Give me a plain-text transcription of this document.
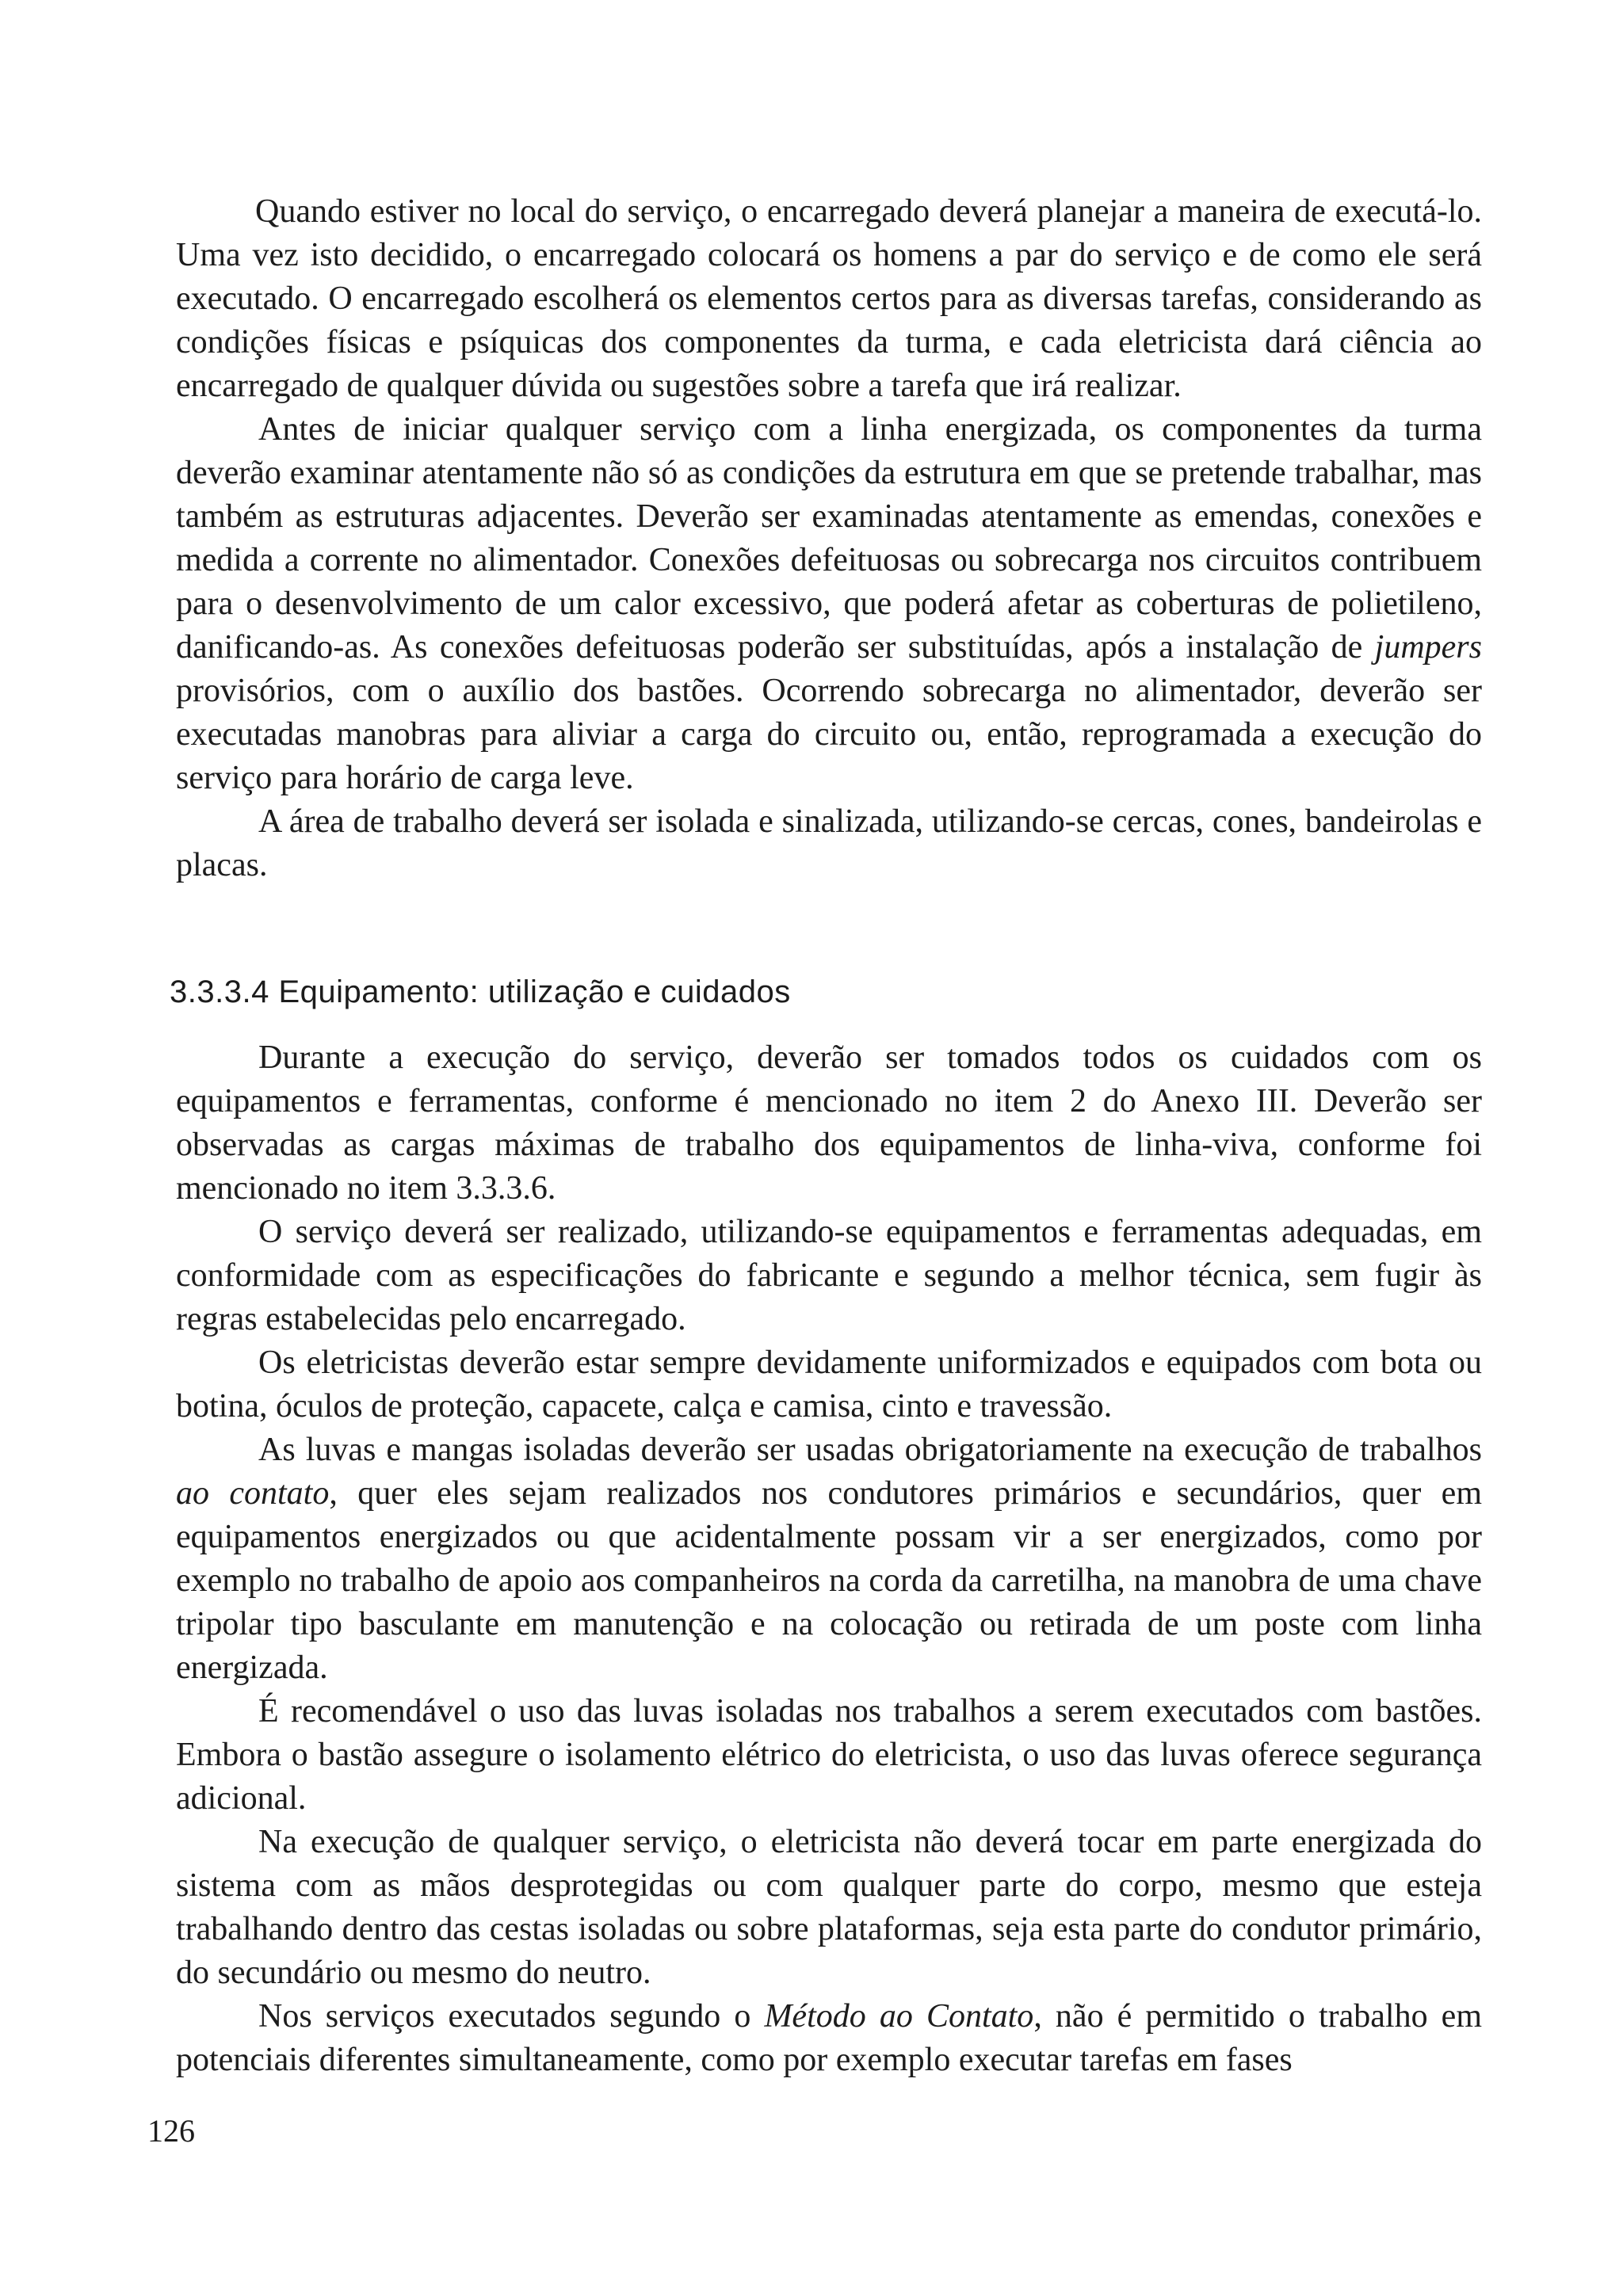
Quando estiver no local do serviço, o encarregado deverá planejar a maneira de executá-lo. Uma vez isto decidido, o encarregado colocará os homens a par do serviço e de como ele será executado. O encarregado escolherá os elementos certos para as diversas tarefas, considerando as condições físicas e psíquicas dos componentes da turma, e cada eletricista dará ciência ao encarregado de qualquer dúvida ou sugestões sobre a tarefa que irá realizar.

Antes de iniciar qualquer serviço com a linha energizada, os componentes da turma deverão examinar atentamente não só as condições da estrutura em que se pretende trabalhar, mas também as estruturas adjacentes. Deverão ser examinadas atentamente as emendas, conexões e medida a corrente no alimentador. Conexões defeituosas ou sobrecarga nos circuitos contribuem para o desenvolvimento de um calor excessivo, que poderá afetar as coberturas de polietileno, danificando-as. As conexões defeituosas poderão ser substituídas, após a instalação de jumpers provisórios, com o auxílio dos bastões. Ocorrendo sobrecarga no alimentador, deverão ser executadas manobras para aliviar a carga do circuito ou, então, reprogramada a execução do serviço para horário de carga leve.

A área de trabalho deverá ser isolada e sinalizada, utilizando-se cercas, cones, bandeirolas e placas.

3.3.3.4 Equipamento: utilização e cuidados

Durante a execução do serviço, deverão ser tomados todos os cuidados com os equipamentos e ferramentas, conforme é mencionado no item 2 do Anexo III. Deverão ser observadas as cargas máximas de trabalho dos equipamentos de linha-viva, conforme foi mencionado no item 3.3.3.6.

O serviço deverá ser realizado, utilizando-se equipamentos e ferramentas adequadas, em conformidade com as especificações do fabricante e segundo a melhor técnica, sem fugir às regras estabelecidas pelo encarregado.

Os eletricistas deverão estar sempre devidamente uniformizados e equipados com bota ou botina, óculos de proteção, capacete, calça e camisa, cinto e travessão.

As luvas e mangas isoladas deverão ser usadas obrigatoriamente na execução de trabalhos ao contato, quer eles sejam realizados nos condutores primários e secundários, quer em equipamentos energizados ou que acidentalmente possam vir a ser energizados, como por exemplo no trabalho de apoio aos companheiros na corda da carretilha, na manobra de uma chave tripolar tipo basculante em manutenção e na colocação ou retirada de um poste com linha energizada.

É recomendável o uso das luvas isoladas nos trabalhos a serem executados com bastões. Embora o bastão assegure o isolamento elétrico do eletricista, o uso das luvas oferece segurança adicional.

Na execução de qualquer serviço, o eletricista não deverá tocar em parte energizada do sistema com as mãos desprotegidas ou com qualquer parte do corpo, mesmo que esteja trabalhando dentro das cestas isoladas ou sobre plataformas, seja esta parte do condutor primário, do secundário ou mesmo do neutro.

Nos serviços executados segundo o Método ao Contato, não é permitido o trabalho em potenciais diferentes simultaneamente, como por exemplo executar tarefas em fases

126
